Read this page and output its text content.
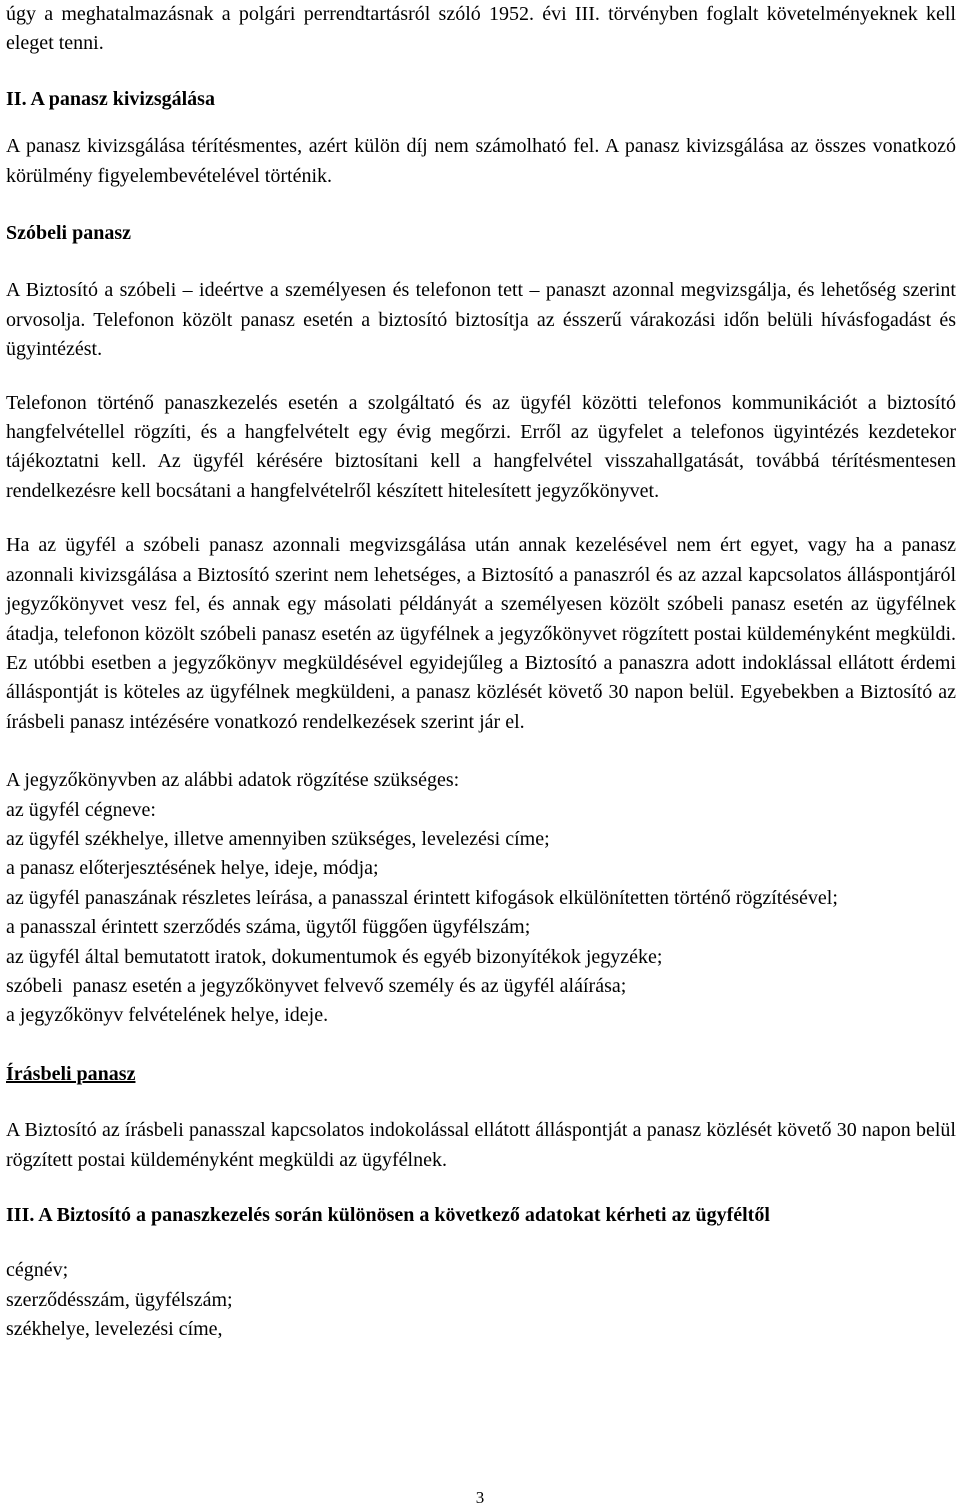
úgy a meghatalmazásnak a polgári perrendtartásról szóló 1952. évi III. törvényben foglalt követelményeknek kell eleget tenni.

II. A panasz kivizsgálása

A panasz kivizsgálása térítésmentes, azért külön díj nem számolható fel. A panasz kivizsgálása az összes vonatkozó körülmény figyelembevételével történik.

Szóbeli panasz

A Biztosító a szóbeli – ideértve a személyesen és telefonon tett – panaszt azonnal megvizsgálja, és lehetőség szerint orvosolja. Telefonon közölt panasz esetén a biztosító biztosítja az ésszerű várakozási időn belüli hívásfogadást és ügyintézést.

Telefonon történő panaszkezelés esetén a szolgáltató és az ügyfél közötti telefonos kommunikációt a biztosító hangfelvétellel rögzíti, és a hangfelvételt egy évig megőrzi. Erről az ügyfelet a telefonos ügyintézés kezdetekor tájékoztatni kell. Az ügyfél kérésére biztosítani kell a hangfelvétel visszahallgatását, továbbá térítésmentesen rendelkezésre kell bocsátani a hangfelvételről készített hitelesített jegyzőkönyvet.

Ha az ügyfél a szóbeli panasz azonnali megvizsgálása után annak kezelésével nem ért egyet, vagy ha a panasz azonnali kivizsgálása a Biztosító szerint nem lehetséges, a Biztosító a panaszról és az azzal kapcsolatos álláspontjáról jegyzőkönyvet vesz fel, és annak egy másolati példányát a személyesen közölt szóbeli panasz esetén az ügyfélnek átadja, telefonon közölt szóbeli panasz esetén az ügyfélnek a jegyzőkönyvet rögzített postai küldeményként megküldi. Ez utóbbi esetben a jegyzőkönyv megküldésével egyidejűleg a Biztosító a panaszra adott indoklással ellátott érdemi álláspontját is köteles az ügyfélnek megküldeni, a panasz közlését követő 30 napon belül. Egyebekben a Biztosító az írásbeli panasz intézésére vonatkozó rendelkezések szerint jár el.

A jegyzőkönyvben az alábbi adatok rögzítése szükséges:
az ügyfél cégneve:
az ügyfél székhelye, illetve amennyiben szükséges, levelezési címe;
a panasz előterjesztésének helye, ideje, módja;

az ügyfél panaszának részletes leírása, a panasszal érintett kifogások elkülönítetten történő rögzítésével;

a panasszal érintett szerződés száma, ügytől függően ügyfélszám;
az ügyfél által bemutatott iratok, dokumentumok és egyéb bizonyítékok jegyzéke;
szóbeli  panasz esetén a jegyzőkönyvet felvevő személy és az ügyfél aláírása;
a jegyzőkönyv felvételének helye, ideje.
Írásbeli panasz

A Biztosító az írásbeli panasszal kapcsolatos indokolással ellátott álláspontját a panasz közlését követő 30 napon belül rögzített postai küldeményként megküldi az ügyfélnek.

III. A Biztosító a panaszkezelés során különösen a következő adatokat kérheti az ügyféltől
cégnév;
szerződésszám, ügyfélszám;
székhelye, levelezési címe,
3
